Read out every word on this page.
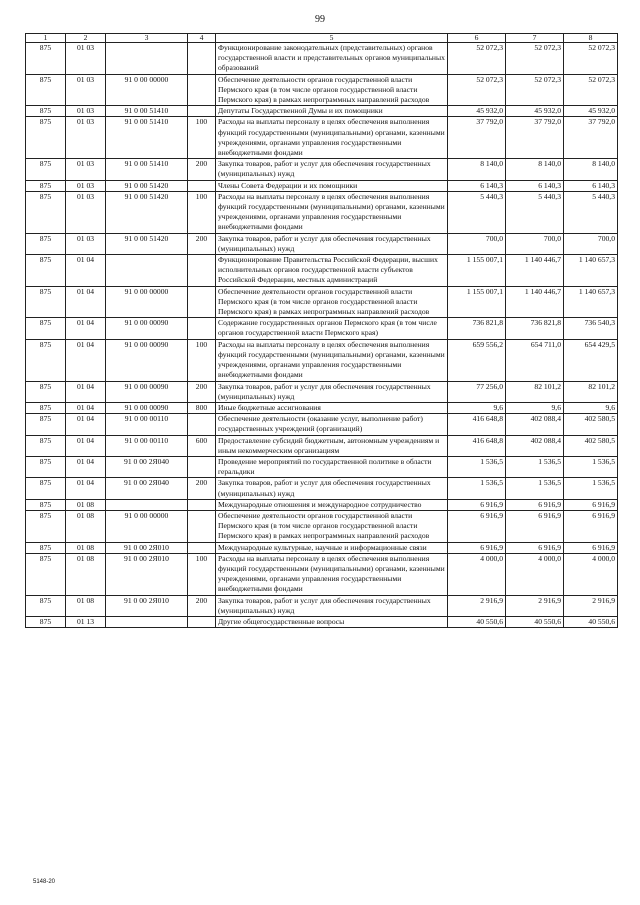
99
1	2	3	4	5	6	7	8
875	01 03			Функционирование законодательных (представительных) органов государственной власти и представительных органов муниципальных образований	52 072,3	52 072,3	52 072,3
875	01 03	91 0 00 00000		Обеспечение деятельности органов государственной власти Пермского края (в том числе органов государственной власти Пермского края) в рамках непрограммных направлений расходов	52 072,3	52 072,3	52 072,3
875	01 03	91 0 00 51410		Депутаты Государственной Думы и их помощники	45 932,0	45 932,0	45 932,0
875	01 03	91 0 00 51410	100	Расходы на выплаты персоналу в целях обеспечения выполнения функций государственными (муниципальными) органами, казенными учреждениями, органами управления государственными внебюджетными фондами	37 792,0	37 792,0	37 792,0
875	01 03	91 0 00 51410	200	Закупка товаров, работ и услуг для обеспечения государственных (муниципальных) нужд	8 140,0	8 140,0	8 140,0
875	01 03	91 0 00 51420		Члены Совета Федерации и их помощники	6 140,3	6 140,3	6 140,3
875	01 03	91 0 00 51420	100	Расходы на выплаты персоналу в целях обеспечения выполнения функций государственными (муниципальными) органами, казенными учреждениями, органами управления государственными внебюджетными фондами	5 440,3	5 440,3	5 440,3
875	01 03	91 0 00 51420	200	Закупка товаров, работ и услуг для обеспечения государственных (муниципальных) нужд	700,0	700,0	700,0
875	01 04			Функционирование Правительства Российской Федерации, высших исполнительных органов государственной власти субъектов Российской Федерации, местных администраций	1 155 007,1	1 140 446,7	1 140 657,3
875	01 04	91 0 00 00000		Обеспечение деятельности органов государственной власти Пермского края (в том числе органов государственной власти Пермского края) в рамках непрограммных направлений расходов	1 155 007,1	1 140 446,7	1 140 657,3
875	01 04	91 0 00 00090		Содержание государственных органов Пермского края (в том числе органов государственной власти Пермского края)	736 821,8	736 821,8	736 540,3
875	01 04	91 0 00 00090	100	Расходы на выплаты персоналу в целях обеспечения выполнения функций государственными (муниципальными) органами, казенными учреждениями, органами управления государственными внебюджетными фондами	659 556,2	654 711,0	654 429,5
875	01 04	91 0 00 00090	200	Закупка товаров, работ и услуг для обеспечения государственных (муниципальных) нужд	77 256,0	82 101,2	82 101,2
875	01 04	91 0 00 00090	800	Иные бюджетные ассигнования	9,6	9,6	9,6
875	01 04	91 0 00 00110		Обеспечение деятельности (оказание услуг, выполнение работ) государственных учреждений (организаций)	416 648,8	402 088,4	402 580,5
875	01 04	91 0 00 00110	600	Предоставление субсидий бюджетным, автономным учреждениям и иным некоммерческим организациям	416 648,8	402 088,4	402 580,5
875	01 04	91 0 00 2Я040		Проведение мероприятий по государственной политике в области геральдики	1 536,5	1 536,5	1 536,5
875	01 04	91 0 00 2Я040	200	Закупка товаров, работ и услуг для обеспечения государственных (муниципальных) нужд	1 536,5	1 536,5	1 536,5
875	01 08			Международные отношения и международное сотрудничество	6 916,9	6 916,9	6 916,9
875	01 08	91 0 00 00000		Обеспечение деятельности органов государственной власти Пермского края (в том числе органов государственной власти Пермского края) в рамках непрограммных направлений расходов	6 916,9	6 916,9	6 916,9
875	01 08	91 0 00 2Я010		Международные культурные, научные и информационные связи	6 916,9	6 916,9	6 916,9
875	01 08	91 0 00 2Я010	100	Расходы на выплаты персоналу в целях обеспечения выполнения функций государственными (муниципальными) органами, казенными учреждениями, органами управления государственными внебюджетными фондами	4 000,0	4 000,0	4 000,0
875	01 08	91 0 00 2Я010	200	Закупка товаров, работ и услуг для обеспечения государственных (муниципальных) нужд	2 916,9	2 916,9	2 916,9
875	01 13			Другие общегосударственные вопросы	40 550,6	40 550,6	40 550,6
5148-20
